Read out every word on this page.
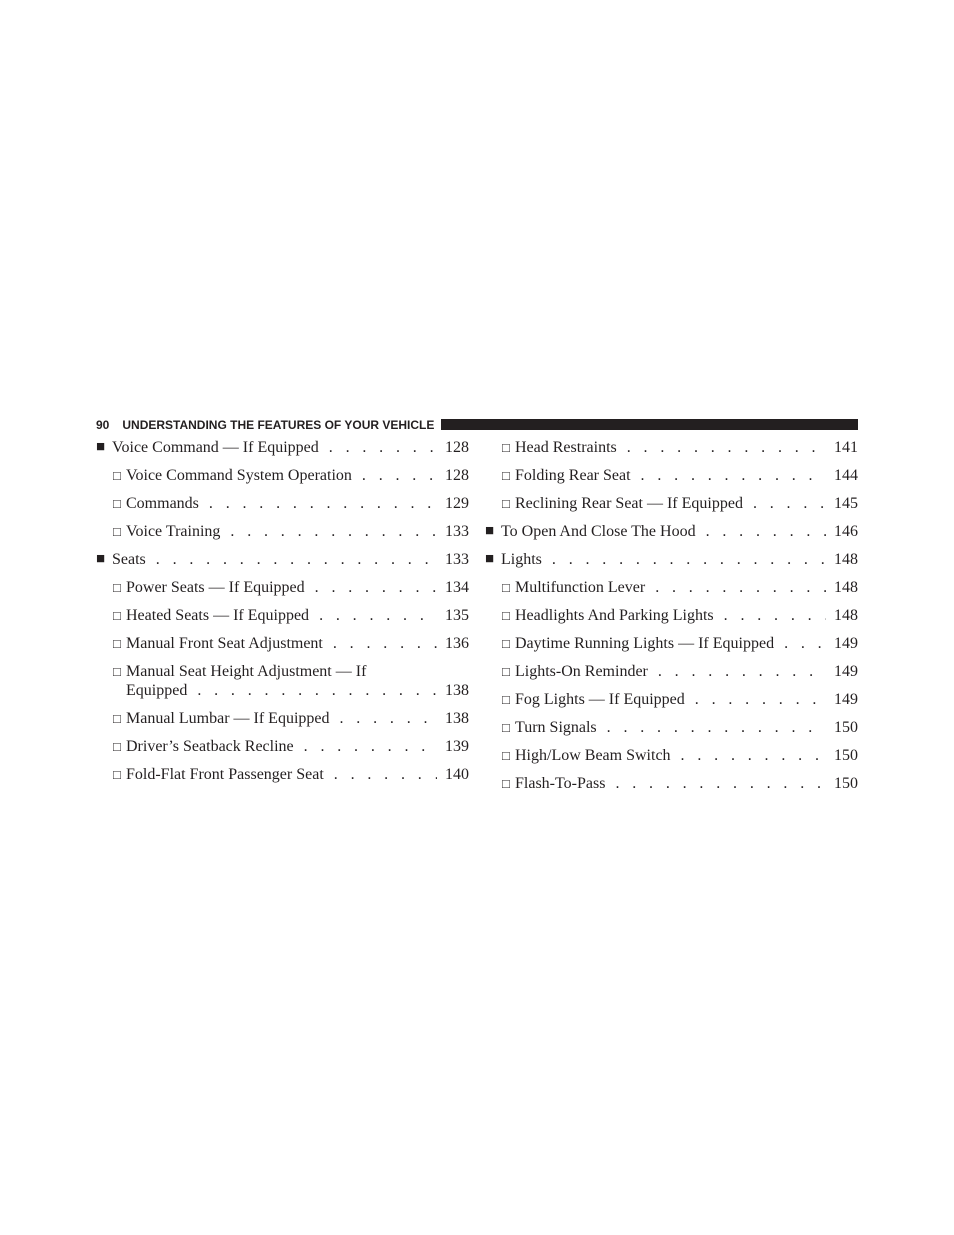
90 UNDERSTANDING THE FEATURES OF YOUR VEHICLE
■ Voice Command — If Equipped . . .	128
□ Voice Command System Operation . . .	128
□ Commands . . .	129
□ Voice Training . . .	133
■ Seats . . .	133
□ Power Seats — If Equipped . . .	134
□ Heated Seats — If Equipped . . .	135
□ Manual Front Seat Adjustment . . .	136
□ Manual Seat Height Adjustment — If
Equipped . . .	138
□ Manual Lumbar — If Equipped . . .	138
□ Driver’s Seatback Recline . . .	139
□ Fold-Flat Front Passenger Seat . . .	140
□ Head Restraints . . .	141
□ Folding Rear Seat . . .	144
□ Reclining Rear Seat — If Equipped . . .	145
■ To Open And Close The Hood . . .	146
■ Lights . . .	148
□ Multifunction Lever . . .	148
□ Headlights And Parking Lights . . .	148
□ Daytime Running Lights — If Equipped . . .	149
□ Lights-On Reminder . . .	149
□ Fog Lights — If Equipped . . .	149
□ Turn Signals . . .	150
□ High/Low Beam Switch . . .	150
□ Flash-To-Pass . . .	150
